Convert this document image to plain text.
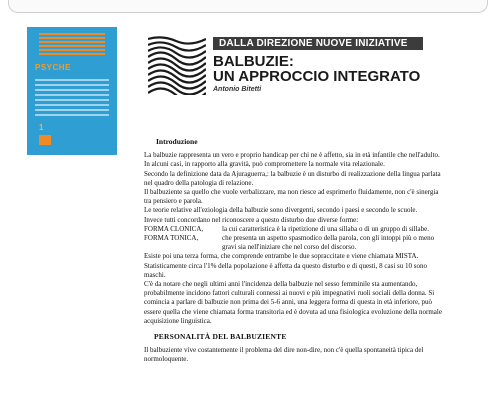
PSYCHE
1
DALLA DIREZIONE NUOVE INIZIATIVE
BALBUZIE:
UN APPROCCIO INTEGRATO
Antonio Bitetti

Introduzione

La balbuzie rappresenta un vero e proprio handicap per chi ne è affetto, sia in età infantile che nell'adulto.

In alcuni casi, in rapporto alla gravità, può compromettere la normale vita relazionale.

Secondo la definizione data da Ajuraguerra,: la balbuzie è un disturbo di realizzazione della lingua parlata nel quadro della patologia di relazione.

Il balbuziente sa quello che vuole verbalizzare, ma non riesce ad esprimerlo fluidamente, non c'è sinergia tra pensiero e parola.

Le teorie relative all'eziologia della balbuzie sono divergenti, secondo i paesi e secondo le scuole.

Invece tutti concordano nel riconoscere a questo disturbo due diverse forme:

FORMA CLONICA,	la cui caratteristica è la ripetizione di una sillaba o di un gruppo di sillabe.
FORMA TONICA,	che presenta un aspetto spasmodico della parola, con gli intoppi più o meno gravi sia nell'iniziare che nel corso del discorso.

Esiste poi una terza forma, che comprende entrambe le due sopraccitate e viene chiamata MISTA.

Statisticamente circa l'1% della popolazione è affetta da questo disturbo e di questi, 8 casi su 10 sono maschi.

C'è da notare che negli ultimi anni l'incidenza della balbuzie nel sesso femminile sta aumentando, probabilmente incidono fattori culturali connessi ai nuovi e più impegnativi ruoli sociali della donna. Si comincia a parlare di balbuzie non prima dei 5-6 anni, una leggera forma di questa in età inferiore, può essere quella che viene chiamata forma transitoria ed è dovuta ad una fisiologica evoluzione della normale acquisizione linguistica.

PERSONALITÀ DEL BALBUZIENTE

Il balbuziente vive costantemente il problema del dire non-dire, non c'è quella spontaneità tipica del normoloquente.
